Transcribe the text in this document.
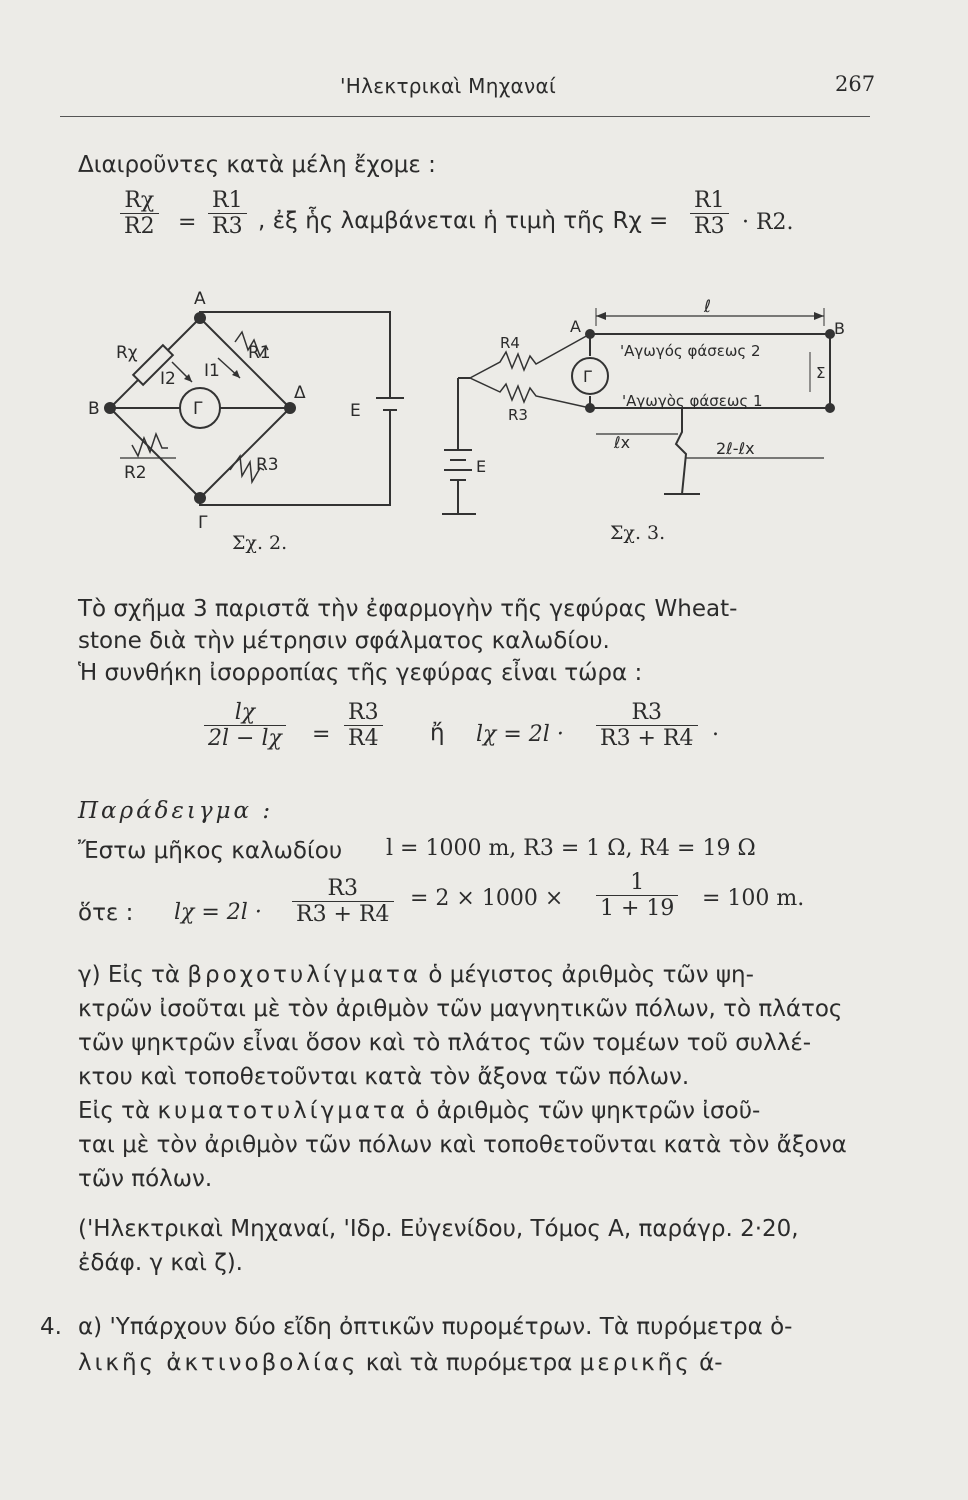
'Ηλεκτρικαὶ Μηχαναί	267
Διαιροῦντες κατὰ μέλη ἔχομε :
$\frac{R\chi}{R2} = \frac{R1}{R3}$ , ἐξ ἧς λαμβάνεται ἡ τιμὴ τῆς $R\chi = \frac{R1}{R3} \cdot R2$.
A
B
Δ
Γ
E
Rχ	R1
R2	R3
I1
I2
Γ
Σχ. 2.
A	B
ℓ
'Αγωγός φάσεως 2
'Αγωγὸς φάσεως 1
Σ
R4
R3
Γ
E
ℓx	2ℓ-ℓx
Σχ. 3.
Τὸ σχῆμα 3 παριστᾶ τὴν ἐφαρμογὴν τῆς γεφύρας Wheat-
stone διὰ τὴν μέτρησιν σφάλματος καλωδίου.
Ἡ συνθήκη ἰσορροπίας τῆς γεφύρας εἶναι τώρα :
$\frac{l\chi}{2l - l\chi} = \frac{R3}{R4}$ ἤ $l\chi = 2l \cdot \frac{R3}{R3 + R4}$ .
Παράδειγμα :
Ἔστω μῆκος καλωδίου l = 1000 m, R3 = 1 Ω, R4 = 19 Ω
ὅτε : $l\chi = 2l \cdot \frac{R3}{R3 + R4} = 2 \times 1000 \times \frac{1}{1 + 19} = 100$ m.
γ) Εἰς τὰ βροχοτυλίγματα ὁ μέγιστος ἀριθμὸς τῶν ψη-
κτρῶν ἰσοῦται μὲ τὸν ἀριθμὸν τῶν μαγνητικῶν πόλων, τὸ πλάτος
τῶν ψηκτρῶν εἶναι ὅσον καὶ τὸ πλάτος τῶν τομέων τοῦ συλλέ-
κτου καὶ τοποθετοῦνται κατὰ τὸν ἄξονα τῶν πόλων.
Εἰς τὰ κυματοτυλίγματα ὁ ἀριθμὸς τῶν ψηκτρῶν ἰσοῦ-
ται μὲ τὸν ἀριθμὸν τῶν πόλων καὶ τοποθετοῦνται κατὰ τὸν ἄξονα
τῶν πόλων.
('Ηλεκτρικαὶ Μηχαναί, 'Ιδρ. Εὐγενίδου, Τόμος Α, παράγρ. 2·20,
ἐδάφ. γ καὶ ζ).
4. α) 'Υπάρχουν δύο εἴδη ὀπτικῶν πυρομέτρων. Τὰ πυρόμετρα ὁ-
λικῆς ἀκτινοβολίας καὶ τὰ πυρόμετρα μερικῆς ά-
